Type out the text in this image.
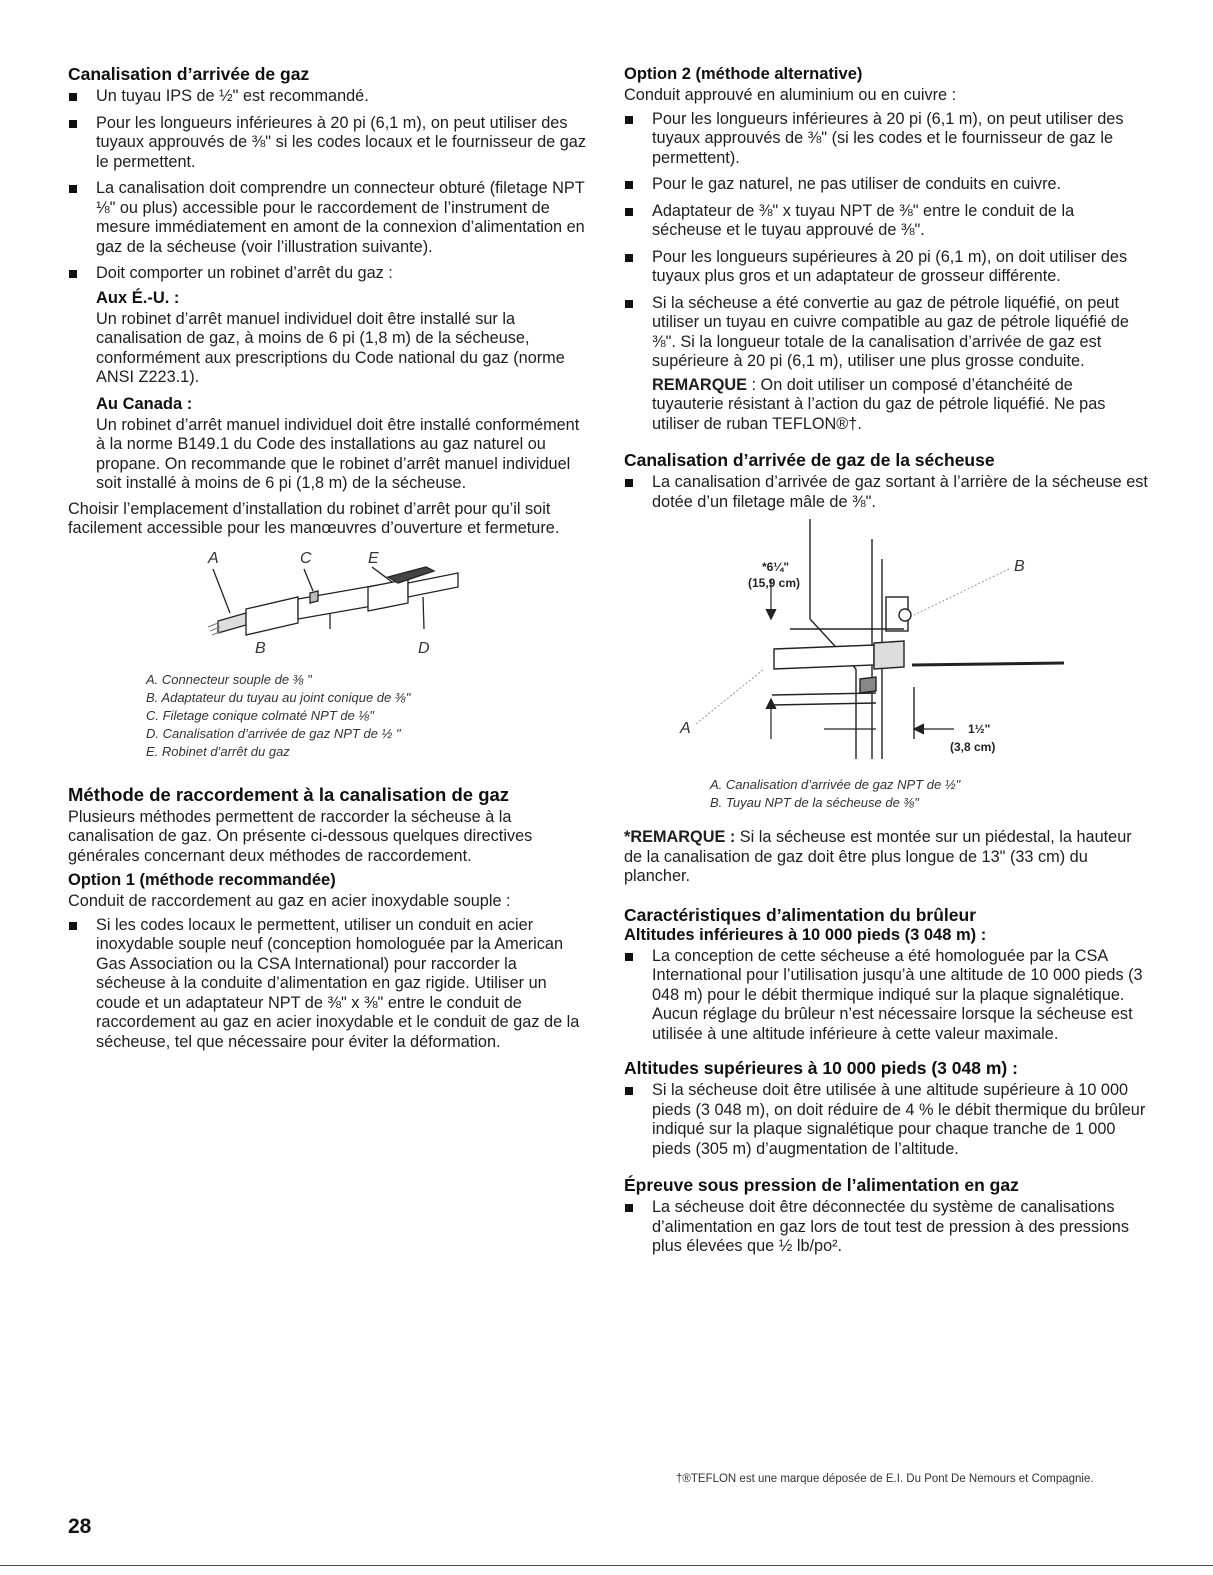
Canalisation d’arrivée de gaz
Un tuyau IPS de ½" est recommandé.
Pour les longueurs inférieures à 20 pi (6,1 m), on peut utiliser des tuyaux approuvés de ⅜" si les codes locaux et le fournisseur de gaz le permettent.
La canalisation doit comprendre un connecteur obturé (filetage NPT ⅛" ou plus) accessible pour le raccordement de l’instrument de mesure immédiatement en amont de la connexion d’alimentation en gaz de la sécheuse (voir l’illustration suivante).
Doit comporter un robinet d’arrêt du gaz :
Aux É.-U. :

Un robinet d’arrêt manuel individuel doit être installé sur la canalisation de gaz, à moins de 6 pi (1,8 m) de la sécheuse, conformément aux prescriptions du Code national du gaz (norme ANSI Z223.1).

Au Canada :

Un robinet d’arrêt manuel individuel doit être installé conformément à la norme B149.1 du Code des installations au gaz naturel ou propane. On recommande que le robinet d’arrêt manuel individuel soit installé à moins de 6 pi (1,8 m) de la sécheuse.

Choisir l’emplacement d’installation du robinet d’arrêt pour qu’il soit facilement accessible pour les manœuvres d’ouverture et fermeture.

A	C	E
B	D
A. Connecteur souple de ⅜ "
B. Adaptateur du tuyau au joint conique de ⅜"
C. Filetage conique colmaté NPT de ⅛"
D. Canalisation d’arrivée de gaz NPT de ½ "
E. Robinet d’arrêt du gaz
Méthode de raccordement à la canalisation de gaz

Plusieurs méthodes permettent de raccorder la sécheuse à la canalisation de gaz. On présente ci-dessous quelques directives générales concernant deux méthodes de raccordement.

Option 1 (méthode recommandée)

Conduit de raccordement au gaz en acier inoxydable souple :

Si les codes locaux le permettent, utiliser un conduit en acier inoxydable souple neuf (conception homologuée par la American Gas Association ou la CSA International) pour raccorder la sécheuse à la conduite d’alimentation en gaz rigide. Utiliser un coude et un adaptateur NPT de ⅜" x ⅜" entre le conduit de raccordement au gaz en acier inoxydable et le conduit de gaz de la sécheuse, tel que nécessaire pour éviter la déformation.
Option 2 (méthode alternative)

Conduit approuvé en aluminium ou en cuivre :

Pour les longueurs inférieures à 20 pi (6,1 m), on peut utiliser des tuyaux approuvés de ⅜" (si les codes et le fournisseur de gaz le permettent).
Pour le gaz naturel, ne pas utiliser de conduits en cuivre.
Adaptateur de ⅜" x tuyau NPT de ⅜" entre le conduit de la sécheuse et le tuyau approuvé de ⅜".
Pour les longueurs supérieures à 20 pi (6,1 m), on doit utiliser des tuyaux plus gros et un adaptateur de grosseur différente.
Si la sécheuse a été convertie au gaz de pétrole liquéfié, on peut utiliser un tuyau en cuivre compatible au gaz de pétrole liquéfié de ⅜". Si la longueur totale de la canalisation d’arrivée de gaz est supérieure à 20 pi (6,1 m), utiliser une plus grosse conduite.

REMARQUE : On doit utiliser un composé d’étanchéité de tuyauterie résistant à l’action du gaz de pétrole liquéfié. Ne pas utiliser de ruban TEFLON®†.

Canalisation d’arrivée de gaz de la sécheuse
La canalisation d’arrivée de gaz sortant à l’arrière de la sécheuse est dotée d’un filetage mâle de ⅜".
*6¼"
(15,9 cm)
B
A	1½"
(3,8 cm)
A. Canalisation d’arrivée de gaz NPT de ½"
B. Tuyau NPT de la sécheuse de ⅜"

*REMARQUE : Si la sécheuse est montée sur un piédestal, la hauteur de la canalisation de gaz doit être plus longue de 13" (33 cm) du plancher.

Caractéristiques d’alimentation du brûleur
Altitudes inférieures à 10 000 pieds (3 048 m) :
La conception de cette sécheuse a été homologuée par la CSA International pour l’utilisation jusqu’à une altitude de 10 000 pieds (3 048 m) pour le débit thermique indiqué sur la plaque signalétique. Aucun réglage du brûleur n’est nécessaire lorsque la sécheuse est utilisée à une altitude inférieure à cette valeur maximale.
Altitudes supérieures à 10 000 pieds (3 048 m) :
Si la sécheuse doit être utilisée à une altitude supérieure à 10 000 pieds (3 048 m), on doit réduire de 4 % le débit thermique du brûleur indiqué sur la plaque signalétique pour chaque tranche de 1 000 pieds (305 m) d’augmentation de l’altitude.
Épreuve sous pression de l’alimentation en gaz
La sécheuse doit être déconnectée du système de canalisations d’alimentation en gaz lors de tout test de pression à des pressions plus élevées que ½ lb/po².
†®TEFLON est une marque déposée de E.I. Du Pont De Nemours et Compagnie.
28
